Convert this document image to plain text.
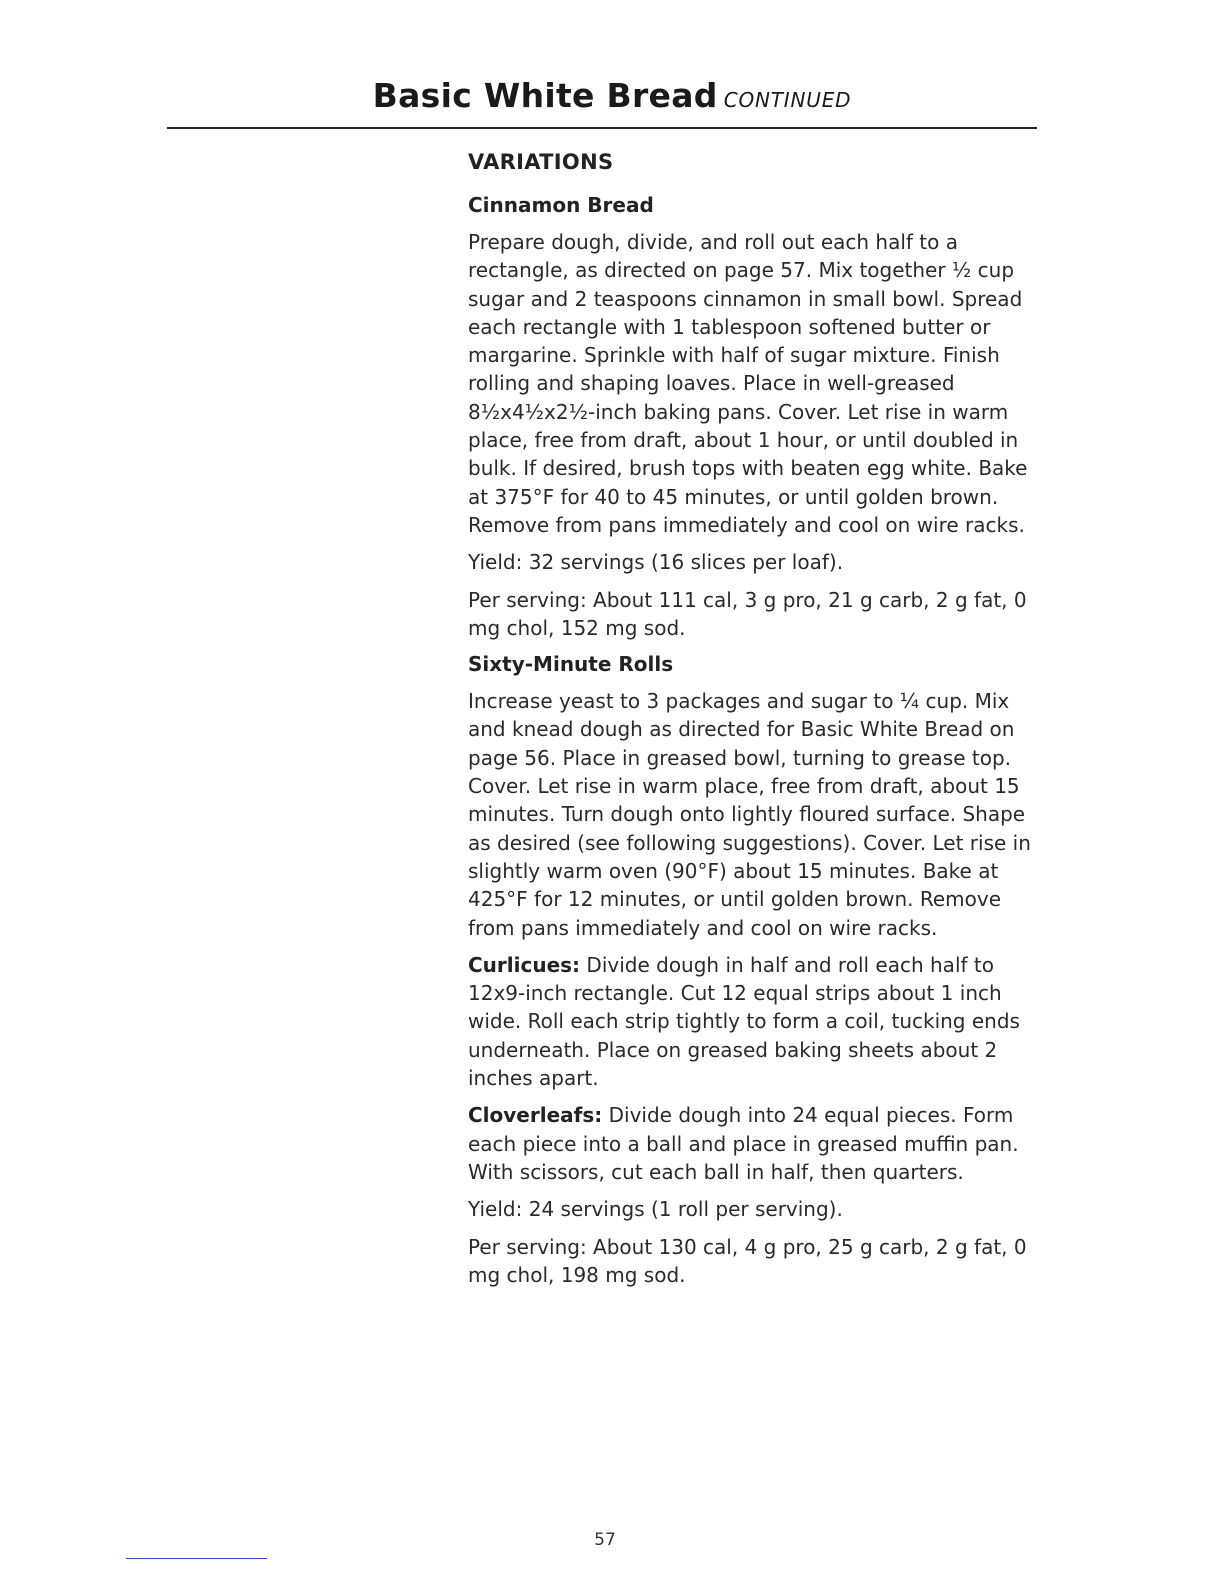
Basic White Bread CONTINUED
VARIATIONS
Cinnamon Bread

Prepare dough, divide, and roll out each half to a rectangle, as directed on page 57. Mix together ½ cup sugar and 2 teaspoons cinnamon in small bowl. Spread each rectangle with 1 tablespoon softened butter or margarine. Sprinkle with half of sugar mixture. Finish rolling and shaping loaves. Place in well-greased 8½x4½x2½-inch baking pans. Cover. Let rise in warm place, free from draft, about 1 hour, or until doubled in bulk. If desired, brush tops with beaten egg white. Bake at 375°F for 40 to 45 minutes, or until golden brown. Remove from pans immediately and cool on wire racks.

Yield: 32 servings (16 slices per loaf).

Per serving: About 111 cal, 3 g pro, 21 g carb, 2 g fat, 0 mg chol, 152 mg sod.

Sixty-Minute Rolls

Increase yeast to 3 packages and sugar to ¼ cup. Mix and knead dough as directed for Basic White Bread on page 56. Place in greased bowl, turning to grease top. Cover. Let rise in warm place, free from draft, about 15 minutes. Turn dough onto lightly floured surface. Shape as desired (see following suggestions). Cover. Let rise in slightly warm oven (90°F) about 15 minutes. Bake at 425°F for 12 minutes, or until golden brown. Remove from pans immediately and cool on wire racks.

Curlicues: Divide dough in half and roll each half to 12x9-inch rectangle. Cut 12 equal strips about 1 inch wide. Roll each strip tightly to form a coil, tucking ends underneath. Place on greased baking sheets about 2 inches apart.

Cloverleafs: Divide dough into 24 equal pieces. Form each piece into a ball and place in greased muffin pan. With scissors, cut each ball in half, then quarters.

Yield: 24 servings (1 roll per serving).

Per serving: About 130 cal, 4 g pro, 25 g carb, 2 g fat, 0 mg chol, 198 mg sod.

57
